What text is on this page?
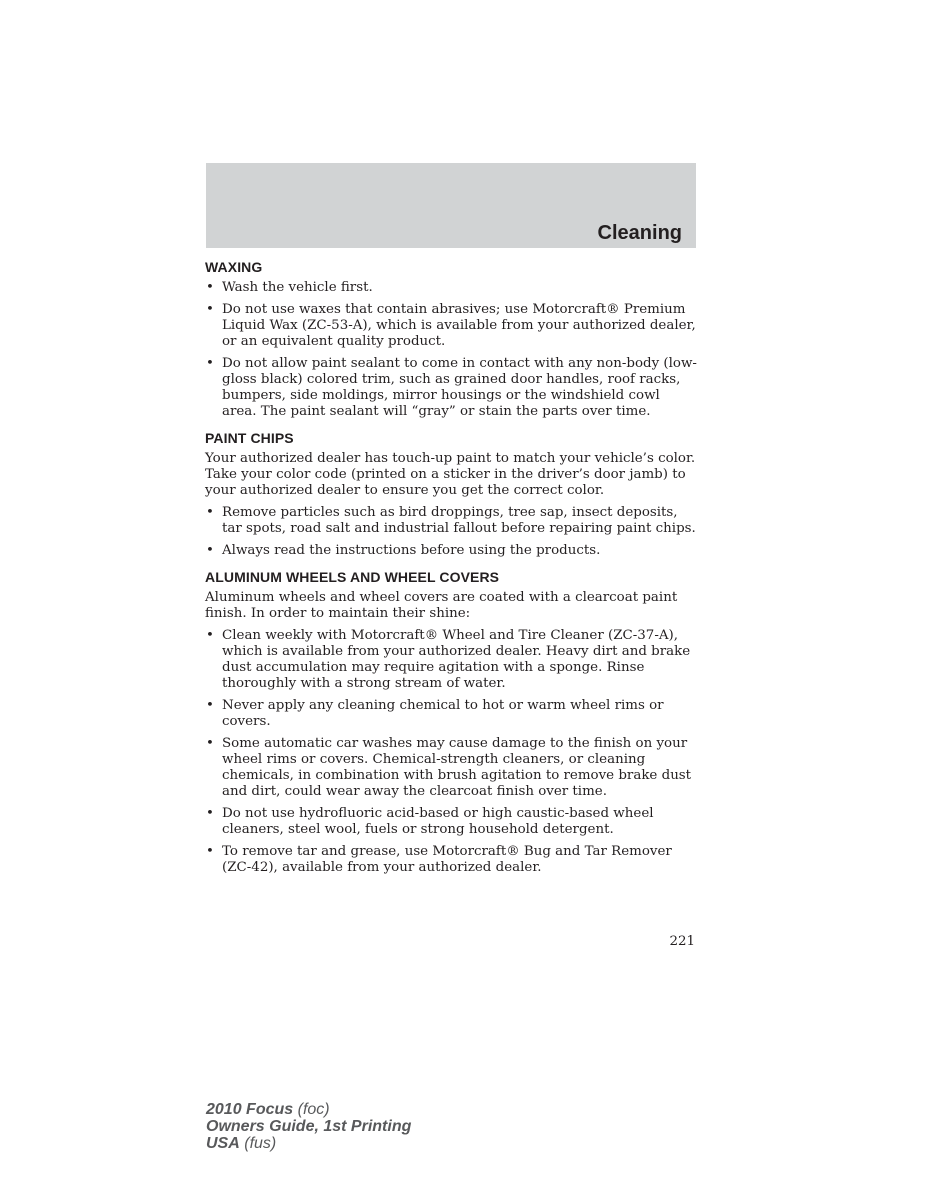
Cleaning
WAXING
• Wash the vehicle first.
• Do not use waxes that contain abrasives; use Motorcraft® Premium Liquid Wax (ZC-53-A), which is available from your authorized dealer, or an equivalent quality product.
• Do not allow paint sealant to come in contact with any non-body (low-gloss black) colored trim, such as grained door handles, roof racks, bumpers, side moldings, mirror housings or the windshield cowl area. The paint sealant will “gray” or stain the parts over time.
PAINT CHIPS

Your authorized dealer has touch-up paint to match your vehicle’s color. Take your color code (printed on a sticker in the driver’s door jamb) to your authorized dealer to ensure you get the correct color.

• Remove particles such as bird droppings, tree sap, insect deposits, tar spots, road salt and industrial fallout before repairing paint chips.
• Always read the instructions before using the products.
ALUMINUM WHEELS AND WHEEL COVERS

Aluminum wheels and wheel covers are coated with a clearcoat paint finish. In order to maintain their shine:

• Clean weekly with Motorcraft® Wheel and Tire Cleaner (ZC-37-A), which is available from your authorized dealer. Heavy dirt and brake dust accumulation may require agitation with a sponge. Rinse thoroughly with a strong stream of water.
• Never apply any cleaning chemical to hot or warm wheel rims or covers.
• Some automatic car washes may cause damage to the finish on your wheel rims or covers. Chemical-strength cleaners, or cleaning chemicals, in combination with brush agitation to remove brake dust and dirt, could wear away the clearcoat finish over time.
• Do not use hydrofluoric acid-based or high caustic-based wheel cleaners, steel wool, fuels or strong household detergent.
• To remove tar and grease, use Motorcraft® Bug and Tar Remover (ZC-42), available from your authorized dealer.
221
2010 Focus (foc)
Owners Guide, 1st Printing
USA (fus)
